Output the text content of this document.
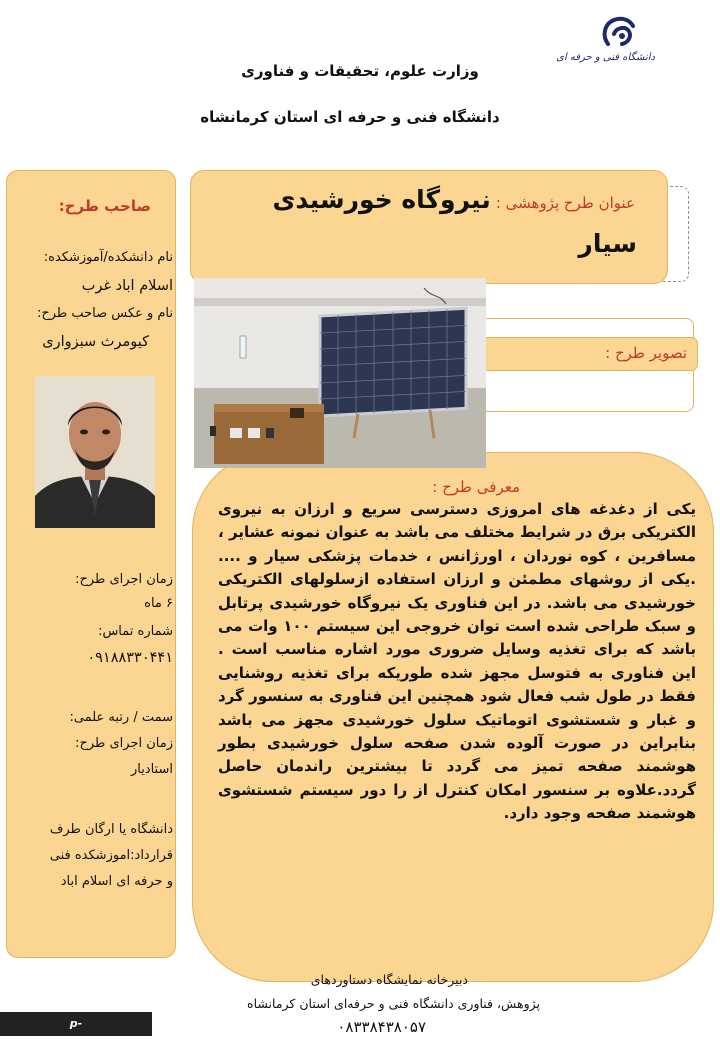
دانشگاه فنی و حرفه ای
وزارت علوم، تحقیقات و فناوری
دانشگاه فنی و حرفه ای استان کرمانشاه
صاحب طرح:
نام دانشکده/آموزشکده:
اسلام اباد غرب
نام و عکس صاحب طرح:
کیومرث سبزواری
زمان اجرای طرح:
۶ ماه
شماره تماس:
۰۹۱۸۸۳۳۰۴۴۱
سمت / رتبه علمی:
زمان اجرای طرح:
استادیار
دانشگاه یا ارگان طرف
قرارداد:اموزشکده فنی
و حرفه ای اسلام اباد
عنوان طرح پژوهشی : نیروگاه خورشیدی
سیار
تصویر طرح :
معرفی طرح :
یکی از دغدغه های امروزی دسترسی سریع و ارزان به نیروی الکتریکی برق در شرایط مختلف می باشد به عنوان نمونه عشایر ، مسافرین ، کوه نوردان ، اورژانس ، خدمات پزشکی سیار و .... .یکی از روشهای مطمئن و ارزان استفاده ازسلولهای الکتریکی خورشیدی می باشد. در این فناوری یک نیروگاه خورشیدی پرتابل و سبک طراحی شده است توان خروجی این سیستم ۱۰۰ وات می باشد که برای تغذیه وسایل ضروری مورد اشاره مناسب است . این فناوری به فتوسل مجهز شده طوریکه برای تغذیه روشنایی فقط در طول شب فعال شود همچنین این فناوری به سنسور گرد و غبار و شستشوی اتوماتیک سلول خورشیدی مجهز می باشد بنابراین در صورت آلوده شدن صفحه سلول خورشیدی بطور هوشمند صفحه تمیز می گردد تا بیشترین راندمان حاصل گردد.علاوه بر سنسور امکان کنترل از را دور سیستم شستشوی هوشمند صفحه وجود دارد.
دبیرخانه نمایشگاه دستاوردهای
پژوهش، فناوری دانشگاه فنی و حرفه‌ای استان کرمانشاه
۰۸۳۳۸۴۳۸۰۵۷
p-islamabadgharb.tvu.ac.ir
